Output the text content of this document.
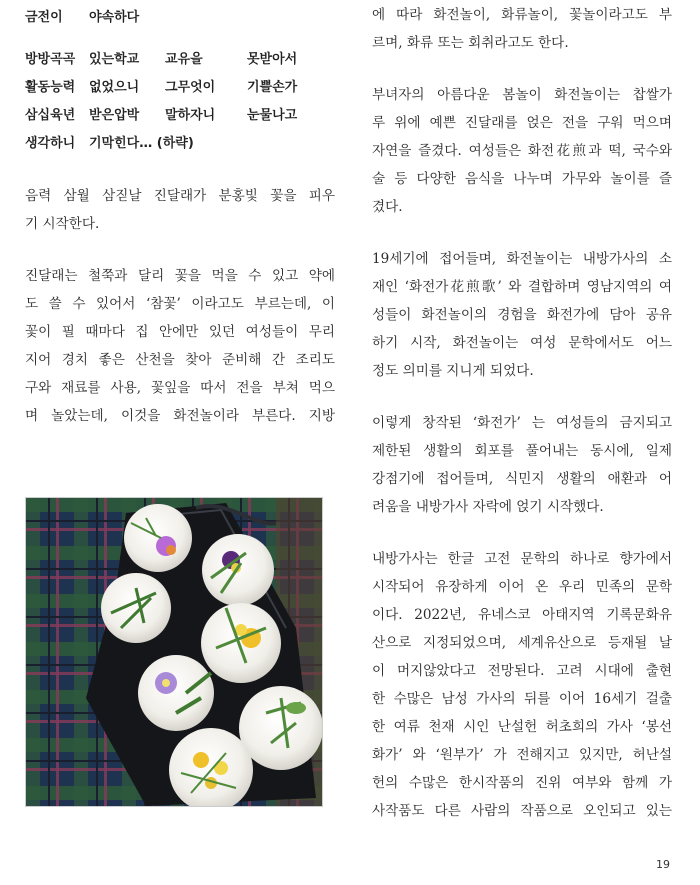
금전이 야속하다
방방곡곡 있는학교 교유을	못받아서
활동능력 없었으니 그무엇이 기쁠손가
삼십육년 받은압박 말하자니 눈물나고
생각하니 기막힌다… (하략)

음력 삼월 삼짇날 진달래가 분홍빛 꽃을 피우
기 시작한다.

진달래는 철쭉과 달리 꽃을 먹을 수 있고 약에
도 쓸 수 있어서 ‘참꽃’ 이라고도 부르는데, 이
꽃이 필 때마다 집 안에만 있던 여성들이 무리
지어 경치 좋은 산천을 찾아 준비해 간 조리도
구와 재료를 사용, 꽃잎을 따서 전을 부쳐 먹으
며 놀았는데, 이것을 화전놀이라 부른다. 지방

에 따라 화전놀이, 화류놀이, 꽃놀이라고도 부
르며, 화류 또는 회취라고도 한다.

부녀자의 아름다운 봄놀이 화전놀이는 찹쌀가
루 위에 예쁜 진달래를 얹은 전을 구워 먹으며
자연을 즐겼다. 여성들은 화전花煎과 떡, 국수와
술 등 다양한 음식을 나누며 가무와 놀이를 즐
겼다.

19세기에 접어들며, 화전놀이는 내방가사의 소
재인 ‘화전가花煎歌’ 와 결합하며 영남지역의 여
성들이 화전놀이의 경험을 화전가에 담아 공유
하기 시작, 화전놀이는 여성 문학에서도 어느
정도 의미를 지니게 되었다.

이렇게 창작된 ‘화전가’ 는 여성들의 금지되고
제한된 생활의 회포를 풀어내는 동시에, 일제
강점기에 접어들며, 식민지 생활의 애환과 어
려움을 내방가사 자락에 얹기 시작했다.

내방가사는 한글 고전 문학의 하나로 향가에서
시작되어 유장하게 이어 온 우리 민족의 문학
이다. 2022년, 유네스코 아태지역 기록문화유
산으로 지정되었으며, 세계유산으로 등재될 날
이 머지않았다고 전망된다. 고려 시대에 출현
한 수많은 남성 가사의 뒤를 이어 16세기 걸출
한 여류 천재 시인 난설헌 허초희의 가사 ‘봉선
화가’ 와 ‘원부가’ 가 전해지고 있지만, 허난설
헌의 수많은 한시작품의 진위 여부와 함께 가
사작품도 다른 사람의 작품으로 오인되고 있는

19
